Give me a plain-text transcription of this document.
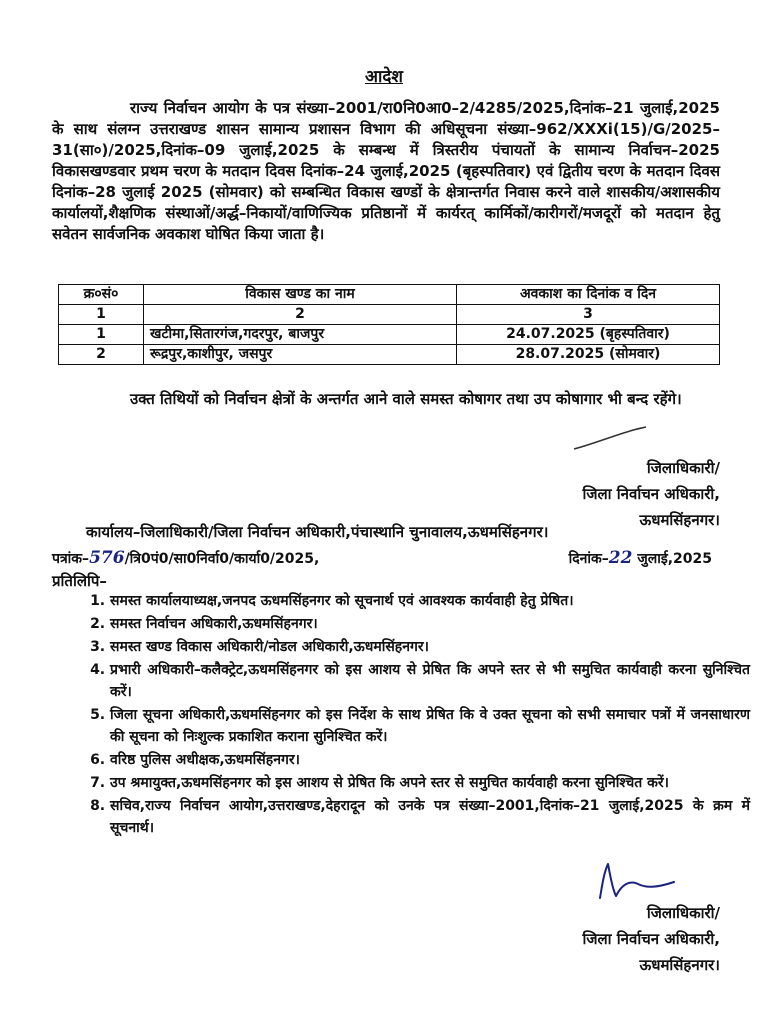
आदेश
राज्य निर्वाचन आयोग के पत्र संख्या–2001/रा0नि0आ0–2/4285/2025,दिनांक–21 जुलाई,2025 के साथ संलग्न उत्तराखण्ड शासन सामान्य प्रशासन विभाग की अधिसूचना संख्या–962/XXXi(15)/G/2025–31(सा०)/2025,दिनांक–09 जुलाई,2025 के सम्बन्ध में त्रिस्तरीय पंचायतों के सामान्य निर्वाचन–2025 विकासखण्डवार प्रथम चरण के मतदान दिवस दिनांक–24 जुलाई,2025 (बृहस्पतिवार) एवं द्वितीय चरण के मतदान दिवस दिनांक–28 जुलाई 2025 (सोमवार) को सम्बन्धित विकास खण्डों के क्षेत्रान्तर्गत निवास करने वाले शासकीय/अशासकीय कार्यालयों,शैक्षणिक संस्थाओं/अर्द्ध–निकायों/वाणिज्यिक प्रतिष्ठानों में कार्यरत् कार्मिकों/कारीगरों/मजदूरों को मतदान हेतु सवेतन सार्वजनिक अवकाश घोषित किया जाता है।
क्र०सं०	विकास खण्ड का नाम	अवकाश का दिनांक व दिन
1	2	3
1	खटीमा,सितारगंज,गदरपुर, बाजपुर	24.07.2025 (बृहस्पतिवार)
2	रूद्रपुर,काशीपुर, जसपुर	28.07.2025 (सोमवार)
उक्त तिथियों को निर्वाचन क्षेत्रों के अन्तर्गत आने वाले समस्त कोषागर तथा उप कोषागार भी बन्द रहेंगे।
जिलाधिकारी/
जिला निर्वाचन अधिकारी,
ऊधमसिंहनगर।
कार्यालय–जिलाधिकारी/जिला निर्वाचन अधिकारी,पंचास्थानि चुनावालय,ऊधमसिंहनगर।
पत्रांक–576/त्रि0पं0/सा0निर्वा0/कार्या0/2025,	दिनांक–22 जुलाई,2025
प्रतिलिपि–
1. समस्त कार्यालयाध्यक्ष,जनपद ऊधमसिंहनगर को सूचनार्थ एवं आवश्यक कार्यवाही हेतु प्रेषित।
2. समस्त निर्वाचन अधिकारी,ऊधमसिंहनगर।
3. समस्त खण्ड विकास अधिकारी/नोडल अधिकारी,ऊधमसिंहनगर।
4. प्रभारी अधिकारी–कलैक्ट्रेट,ऊधमसिंहनगर को इस आशय से प्रेषित कि अपने स्तर से भी समुचित कार्यवाही करना सुनिश्चित करें।
5. जिला सूचना अधिकारी,ऊधमसिंहनगर को इस निर्देश के साथ प्रेषित कि वे उक्त सूचना को सभी समाचार पत्रों में जनसाधारण की सूचना को निःशुल्क प्रकाशित कराना सुनिश्चित करें।
6. वरिष्ठ पुलिस अधीक्षक,ऊधमसिंहनगर।
7. उप श्रमायुक्त,ऊधमसिंहनगर को इस आशय से प्रेषित कि अपने स्तर से समुचित कार्यवाही करना सुनिश्चित करें।
8. सचिव,राज्य निर्वाचन आयोग,उत्तराखण्ड,देहरादून को उनके पत्र संख्या–2001,दिनांक–21 जुलाई,2025 के क्रम में सूचनार्थ।
जिलाधिकारी/
जिला निर्वाचन अधिकारी,
ऊधमसिंहनगर।
